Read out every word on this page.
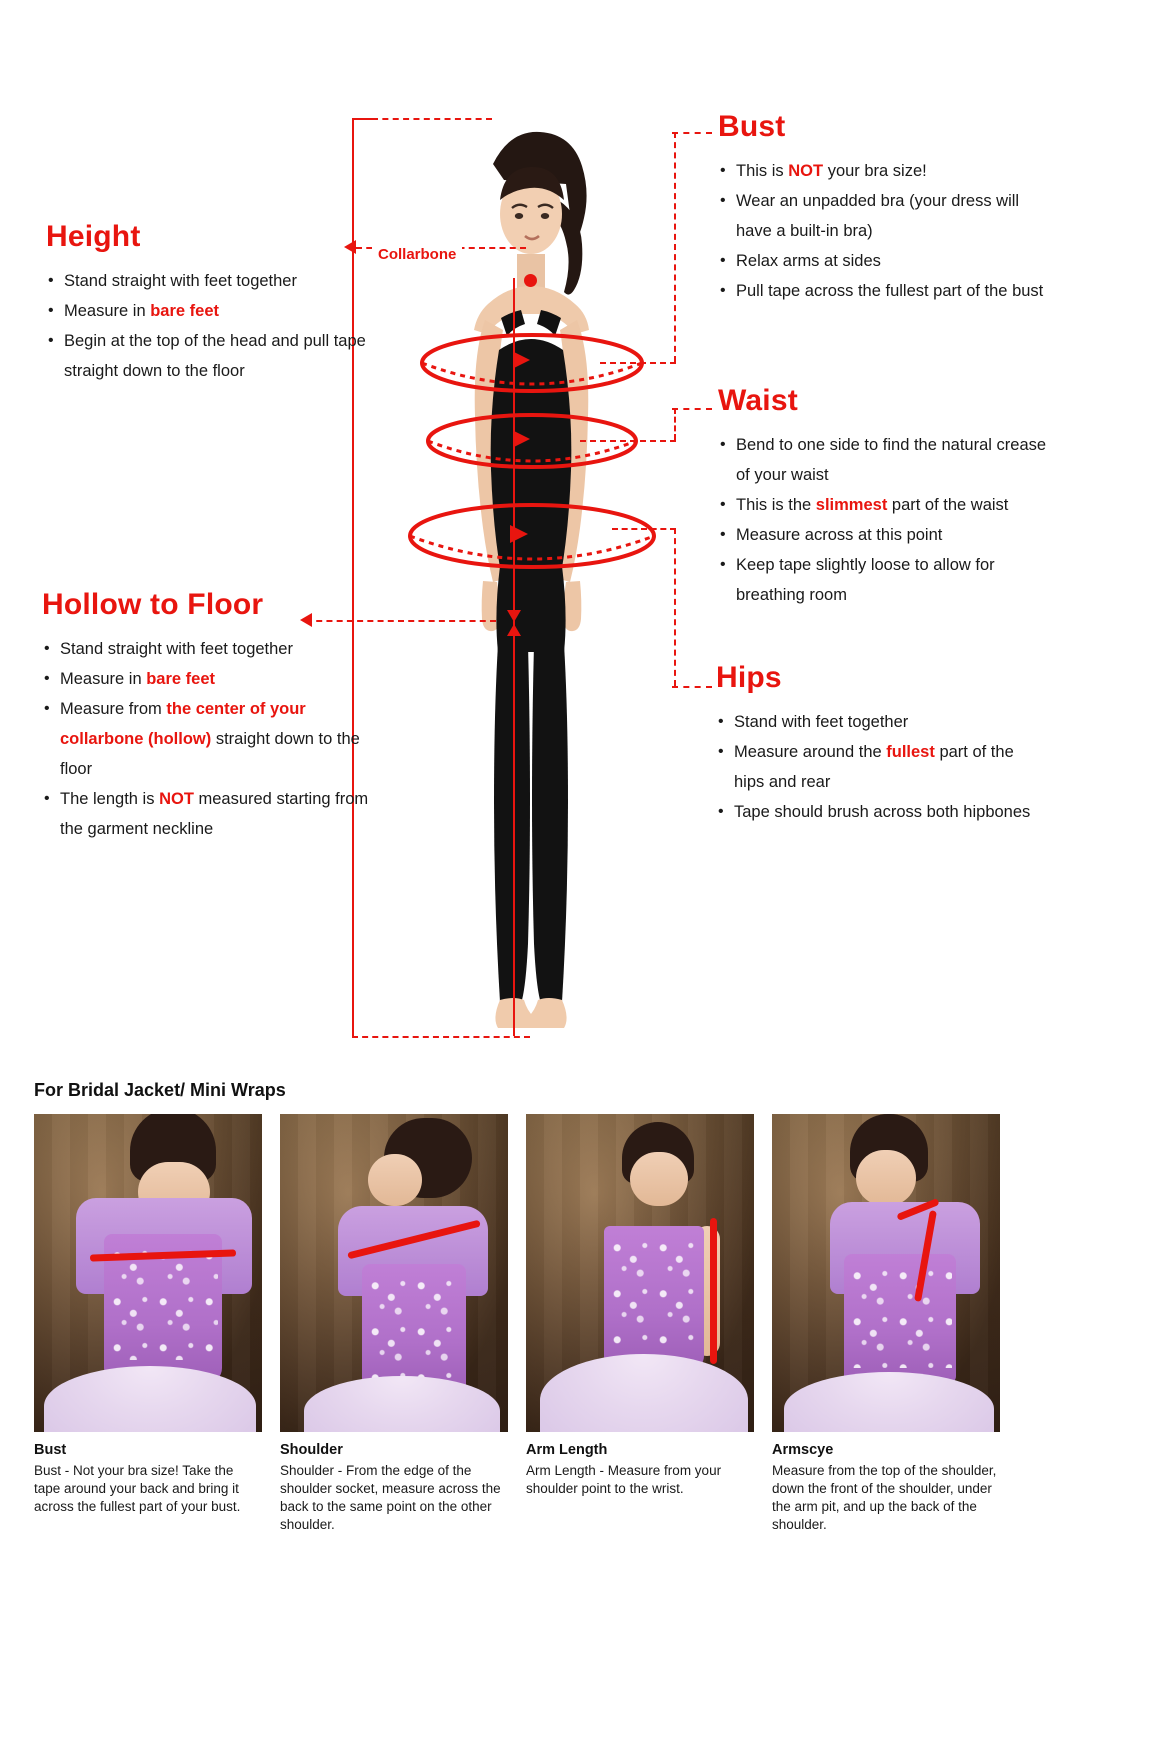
Collarbone
Height
• Stand straight with feet together
• Measure in bare feet
• Begin at the top of the head and pull tape straight down to the floor
Hollow to Floor
• Stand straight with feet together
• Measure in bare feet
• Measure from the center of your collarbone (hollow) straight down to the floor
• The length is NOT measured starting from the garment neckline
Bust
• This is NOT your bra size!
• Wear an unpadded bra (your dress will have a built-in bra)
• Relax arms at sides
• Pull tape across the fullest part of the bust
Waist
• Bend to one side to find the natural crease of your waist
• This is the slimmest part of the waist
• Measure across at this point
• Keep tape slightly loose to allow for breathing room
Hips
• Stand with feet together
• Measure around the fullest part of the hips and rear
• Tape should brush across both hipbones
For Bridal Jacket/ Mini Wraps
Bust

Bust - Not your bra size! Take the tape around your back and bring it across the fullest part of your bust.

Shoulder

Shoulder - From the edge of the shoulder socket, measure across the back to the same point on the other shoulder.

Arm Length

Arm Length - Measure from your shoulder point to the wrist.

Armscye

Measure from the top of the shoulder, down the front of the shoulder, under the arm pit, and up the back of the shoulder.
